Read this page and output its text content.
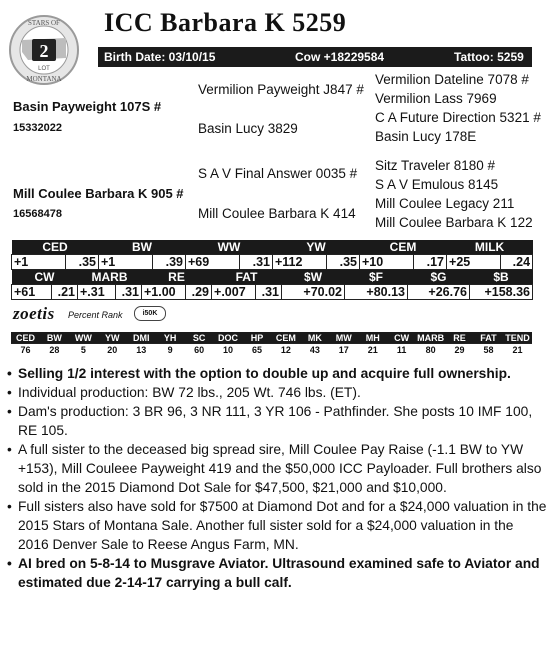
STARS OF
MONTANA
2
LOT
ICC Barbara K 5259
Birth Date: 03/10/15	Cow +18229584	Tattoo: 5259
Basin Payweight 107S #
15332022
Mill Coulee Barbara K 905 #
16568478
Vermilion Payweight J847 #
Basin Lucy 3829
S A V Final Answer 0035 #
Mill Coulee Barbara K 414
Vermilion Dateline 7078 #
Vermilion Lass 7969
C A Future Direction 5321 #
Basin Lucy 178E
Sitz Traveler 8180 #
S A V Emulous 8145
Mill Coulee Legacy 211
Mill Coulee Barbara K 122
CED		BW		WW		YW		CEM		MILK	
+1	.35	+1	.39	+69	.31	+112	.35	+10	.17	+25	.24
CW		MARB		RE		FAT		$W	$F	$G	$B
+61	.21	+.31	.31	+1.00	.29	+.007	.31	+70.02	+80.13	+26.76	+158.36
zoetis Percent Rank	i50K
CED	BW	WW	YW	DMI	YH	SC	DOC	HP	CEM	MK	MW	MH	CW	MARB	RE	FAT	TEND
76	28	5	20	13	9	60	10	65	12	43	17	21	11	80	29	58	21

• Selling 1/2 interest with the option to double up and acquire full ownership.

• Individual production: BW 72 lbs., 205 Wt. 746 lbs. (ET).

• Dam's production: 3 BR 96, 3 NR 111, 3 YR 106 - Pathfinder. She posts 10 IMF 100, RE 105.

• A full sister to the deceased big spread sire, Mill Coulee Pay Raise (-1.1 BW to YW +153), Mill Couleee Payweight 419 and the $50,000 ICC Payloader. Full brothers also sold in the 2015 Diamond Dot Sale for $47,500, $21,000 and $10,000.

• Full sisters also have sold for $7500 at Diamond Dot and for a $24,000 valuation in the 2015 Stars of Montana Sale. Another full sister sold for a $24,000 valuation in the 2016 Denver Sale to Reese Angus Farm, MN.

• AI bred on 5-8-14 to Musgrave Aviator. Ultrasound examined safe to Aviator and estimated due 2-14-17 carrying a bull calf.
